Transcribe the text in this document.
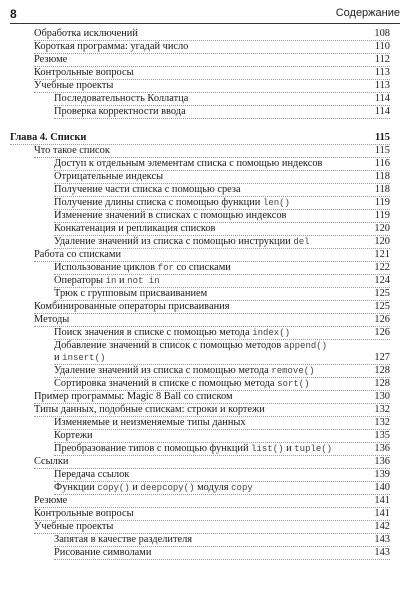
8	Содержание
Обработка исключений	108
Короткая программа: угадай число	110
Резюме	112
Контрольные вопросы	113
Учебные проекты	113
Последовательность Коллатца	114
Проверка корректности ввода	114
Глава 4. Списки	115
Что такое список	115
Доступ к отдельным элементам списка с помощью индексов	116
Отрицательные индексы	118
Получение части списка с помощью среза	118
Получение длины списка с помощью функции len()	119
Изменение значений в списках с помощью индексов	119
Конкатенация и репликация списков	120
Удаление значений из списка с помощью инструкции del	120
Работа со списками	121
Использование циклов for со списками	122
Операторы in и not in	124
Трюк с групповым присваиванием	125
Комбинированные операторы присваивания	125
Методы	126
Поиск значения в списке с помощью метода index()	126
Добавление значений в список с помощью методов append()
и insert()	127
Удаление значений из списка с помощью метода remove()	128
Сортировка значений в списке с помощью метода sort()	128
Пример программы: Magic 8 Ball со списком	130
Типы данных, подобные спискам: строки и кортежи	132
Изменяемые и неизменяемые типы данных	132
Кортежи	135
Преобразование типов с помощью функций list() и tuple()	136
Ссылки	136
Передача ссылок	139
Функции copy() и deepcopy() модуля copy	140
Резюме	141
Контрольные вопросы	141
Учебные проекты	142
Запятая в качестве разделителя	143
Рисование символами	143
